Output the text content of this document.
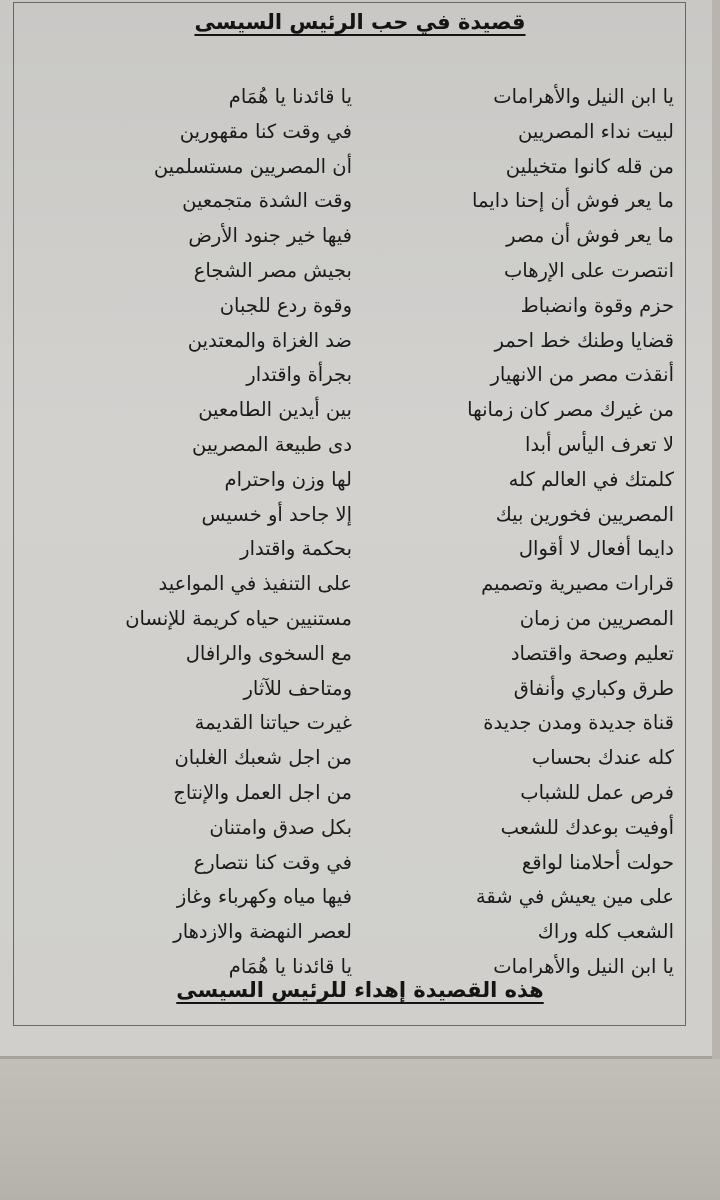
قصيدة في حب الرئيس السيسى
يا ابن النيل والأهرامات
لبيت نداء المصريين
من قله كانوا متخيلين
ما يعر فوش أن إحنا دايما
ما يعر فوش أن مصر
انتصرت على الإرهاب
حزم وقوة وانضباط
قضايا وطنك خط احمر
أنقذت مصر من الانهيار
من غيرك مصر كان زمانها
لا تعرف اليأس أبدا
كلمتك في العالم كله
المصريين فخورين بيك
دايما أفعال لا أقوال
قرارات مصيرية وتصميم
المصريين من زمان
تعليم وصحة واقتصاد
طرق وكباري وأنفاق
قناة جديدة ومدن جديدة
كله عندك بحساب
فرص عمل للشباب
أوفيت بوعدك للشعب
حولت أحلامنا لواقع
على مين يعيش في شقة
الشعب كله وراك
يا ابن النيل والأهرامات
يا قائدنا يا هُمَام
في وقت كنا مقهورين
أن المصريين مستسلمين
وقت الشدة متجمعين
فيها خير جنود الأرض
بجيش مصر الشجاع
وقوة ردع للجبان
ضد الغزاة والمعتدين
بجرأة واقتدار
بين أيدين الطامعين
دى طبيعة المصريين
لها وزن واحترام
إلا جاحد أو خسيس
بحكمة واقتدار
على التنفيذ في المواعيد
مستنيين حياه كريمة للإنسان
مع السخوى والرافال
ومتاحف للآثار
غيرت حياتنا القديمة
من اجل شعبك الغلبان
من اجل العمل والإنتاج
بكل صدق وامتنان
في وقت كنا نتصارع
فيها مياه وكهرباء وغاز
لعصر النهضة والازدهار
يا قائدنا يا هُمَام
هذه القصيدة إهداء للرئيس السيسى
